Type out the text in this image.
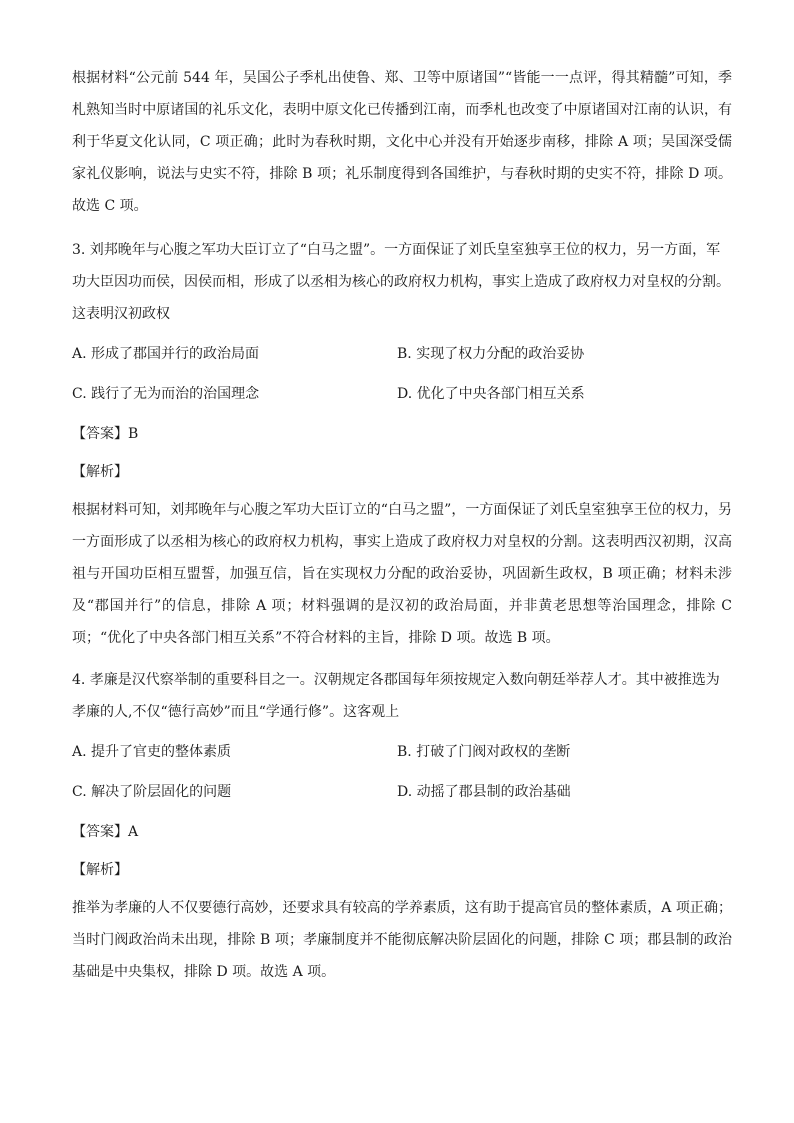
根据材料“公元前 544 年，吴国公子季札出使鲁、郑、卫等中原诸国”“皆能一一点评，得其精髓”可知，季札熟知当时中原诸国的礼乐文化，表明中原文化已传播到江南，而季札也改变了中原诸国对江南的认识，有利于华夏文化认同，C 项正确；此时为春秋时期，文化中心并没有开始逐步南移，排除 A 项；吴国深受儒家礼仪影响，说法与史实不符，排除 B 项；礼乐制度得到各国维护，与春秋时期的史实不符，排除 D 项。故选 C 项。

3. 刘邦晚年与心腹之军功大臣订立了“白马之盟”。一方面保证了刘氏皇室独享王位的权力，另一方面，军功大臣因功而侯，因侯而相，形成了以丞相为核心的政府权力机构，事实上造成了政府权力对皇权的分割。这表明汉初政权

A. 形成了郡国并行的政治局面	B. 实现了权力分配的政治妥协
C. 践行了无为而治的治国理念	D. 优化了中央各部门相互关系
【答案】B
【解析】

根据材料可知，刘邦晚年与心腹之军功大臣订立的“白马之盟”，一方面保证了刘氏皇室独享王位的权力，另一方面形成了以丞相为核心的政府权力机构，事实上造成了政府权力对皇权的分割。这表明西汉初期，汉高祖与开国功臣相互盟誓，加强互信，旨在实现权力分配的政治妥协，巩固新生政权，B 项正确；材料未涉及“郡国并行”的信息，排除 A 项；材料强调的是汉初的政治局面，并非黄老思想等治国理念，排除 C 项；“优化了中央各部门相互关系”不符合材料的主旨，排除 D 项。故选 B 项。

4. 孝廉是汉代察举制的重要科目之一。汉朝规定各郡国每年须按规定入数向朝廷举荐人才。其中被推选为孝廉的人,不仅“德行高妙”而且“学通行修”。这客观上

A. 提升了官吏的整体素质	B. 打破了门阀对政权的垄断
C. 解决了阶层固化的问题	D. 动摇了郡县制的政治基础
【答案】A
【解析】

推举为孝廉的人不仅要德行高妙，还要求具有较高的学养素质，这有助于提高官员的整体素质，A 项正确；当时门阀政治尚未出现，排除 B 项；孝廉制度并不能彻底解决阶层固化的问题，排除 C 项；郡县制的政治基础是中央集权，排除 D 项。故选 A 项。
